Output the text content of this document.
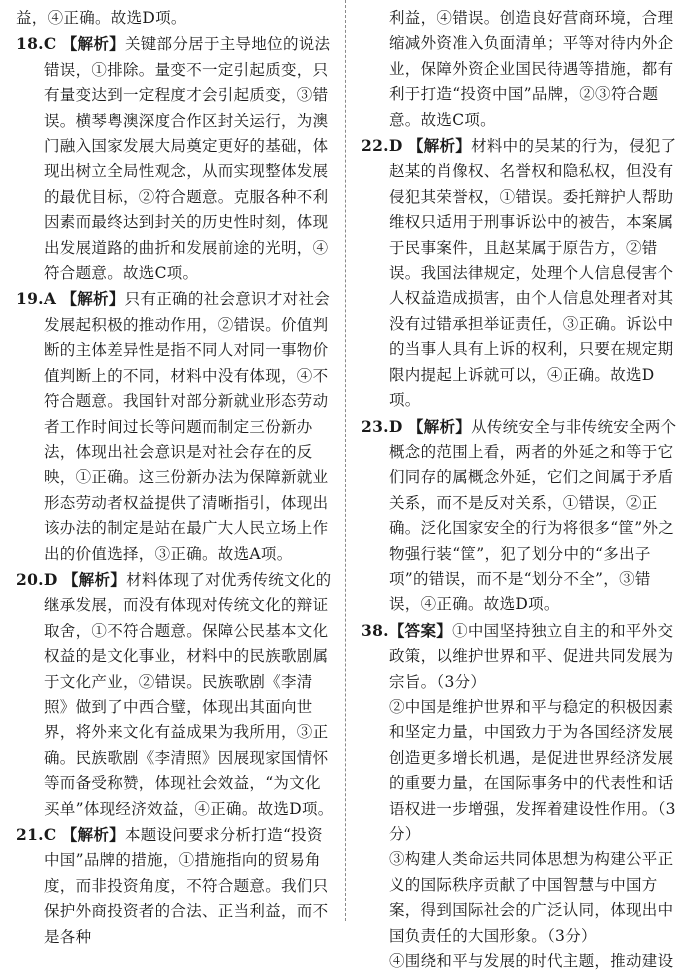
益，④正确。故选D项。

18.C 【解析】关键部分居于主导地位的说法错误，①排除。量变不一定引起质变，只有量变达到一定程度才会引起质变，③错误。横琴粤澳深度合作区封关运行，为澳门融入国家发展大局奠定更好的基础，体现出树立全局性观念，从而实现整体发展的最优目标，②符合题意。克服各种不利因素而最终达到封关的历史性时刻，体现出发展道路的曲折和发展前途的光明，④符合题意。故选C项。

19.A 【解析】只有正确的社会意识才对社会发展起积极的推动作用，②错误。价值判断的主体差异性是指不同人对同一事物价值判断上的不同，材料中没有体现，④不符合题意。我国针对部分新就业形态劳动者工作时间过长等问题而制定三份新办法，体现出社会意识是对社会存在的反映，①正确。这三份新办法为保障新就业形态劳动者权益提供了清晰指引，体现出该办法的制定是站在最广大人民立场上作出的价值选择，③正确。故选A项。

20.D 【解析】材料体现了对优秀传统文化的继承发展，而没有体现对传统文化的辩证取舍，①不符合题意。保障公民基本文化权益的是文化事业，材料中的民族歌剧属于文化产业，②错误。民族歌剧《李清照》做到了中西合璧，体现出其面向世界，将外来文化有益成果为我所用，③正确。民族歌剧《李清照》因展现家国情怀等而备受称赞，体现社会效益，“为文化买单”体现经济效益，④正确。故选D项。

21.C 【解析】本题设问要求分析打造“投资中国”品牌的措施，①措施指向的贸易角度，而非投资角度，不符合题意。我们只保护外商投资者的合法、正当利益，而不是各种

利益，④错误。创造良好营商环境，合理缩减外资准入负面清单；平等对待内外企业，保障外资企业国民待遇等措施，都有利于打造“投资中国”品牌，②③符合题意。故选C项。

22.D 【解析】材料中的吴某的行为，侵犯了赵某的肖像权、名誉权和隐私权，但没有侵犯其荣誉权，①错误。委托辩护人帮助维权只适用于刑事诉讼中的被告，本案属于民事案件，且赵某属于原告方，②错误。我国法律规定，处理个人信息侵害个人权益造成损害，由个人信息处理者对其没有过错承担举证责任，③正确。诉讼中的当事人具有上诉的权利，只要在规定期限内提起上诉就可以，④正确。故选D项。

23.D 【解析】从传统安全与非传统安全两个概念的范围上看，两者的外延之和等于它们同存的属概念外延，它们之间属于矛盾关系，而不是反对关系，①错误，②正确。泛化国家安全的行为将很多“筐”外之物强行装“筐”，犯了划分中的“多出子项”的错误，而不是“划分不全”，③错误，④正确。故选D项。

38.【答案】①中国坚持独立自主的和平外交政策，以维护世界和平、促进共同发展为宗旨。（3分）

②中国是维护世界和平与稳定的积极因素和坚定力量，中国致力于为各国经济发展创造更多增长机遇，是促进世界经济发展的重要力量，在国际事务中的代表性和话语权进一步增强，发挥着建设性作用。（3分）

③构建人类命运共同体思想为构建公平正义的国际秩序贡献了中国智慧与中国方案，得到国际社会的广泛认同，体现出中国负责任的大国形象。（3分）

④围绕和平与发展的时代主题，推动建设
